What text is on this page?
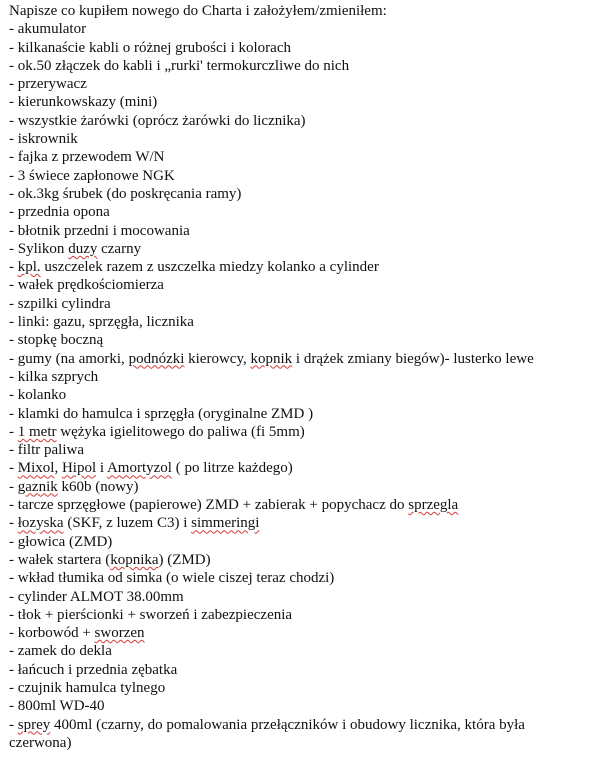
Napisze co kupiłem nowego do Charta i założyłem/zmieniłem:
- akumulator
- kilkanaście kabli o różnej grubości i kolorach
- ok.50 złączek do kabli i „rurki' termokurczliwe do nich
- przerywacz
- kierunkowskazy (mini)
- wszystkie żarówki (oprócz żarówki do licznika)
- iskrownik
- fajka z przewodem W/N
- 3 świece zapłonowe NGK
- ok.3kg śrubek (do poskręcania ramy)
- przednia opona
- błotnik przedni i mocowania
- Sylikon duzy czarny
- kpl. uszczelek razem z uszczelka miedzy kolanko a cylinder
- wałek prędkościomierza
- szpilki cylindra
- linki: gazu, sprzęgła, licznika
- stopkę boczną
- gumy (na amorki, podnózki kierowcy, kopnik i drążek zmiany biegów)- lusterko lewe
- kilka szprych
- kolanko
- klamki do hamulca i sprzęgła (oryginalne ZMD )
- 1 metr wężyka igielitowego do paliwa (fi 5mm)
- filtr paliwa
- Mixol, Hipol i Amortyzol ( po litrze każdego)
- gaznik k60b (nowy)
- tarcze sprzęgłowe (papierowe) ZMD + zabierak + popychacz do sprzegla
- łozyska (SKF, z luzem C3) i simmeringi
- głowica (ZMD)
- wałek startera (kopnika) (ZMD)
- wkład tłumika od simka (o wiele ciszej teraz chodzi)
- cylinder ALMOT 38.00mm
- tłok + pierścionki + sworzeń i zabezpieczenia
- korbowód + sworzen
- zamek do dekla
- łańcuch i przednia zębatka
- czujnik hamulca tylnego
- 800ml WD-40
- sprey 400ml (czarny, do pomalowania przełączników i obudowy licznika, która była czerwona)
